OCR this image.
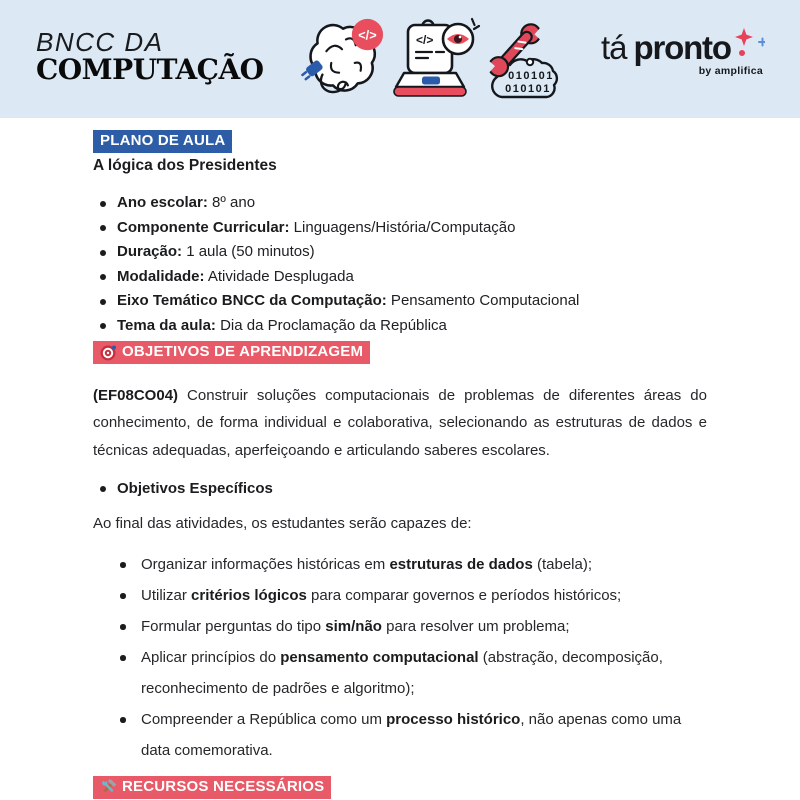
BNCC DA
COMPUTAÇÃO
</>	</>
010101
010101
tá pronto
by amplifica
PLANO DE AULA
A lógica dos Presidentes
Ano escolar: 8º ano
Componente Curricular: Linguagens/História/Computação
Duração: 1 aula (50 minutos)
Modalidade: Atividade Desplugada
Eixo Temático BNCC da Computação: Pensamento Computacional
Tema da aula: Dia da Proclamação da República
OBJETIVOS DE APRENDIZAGEM

(EF08CO04) Construir soluções computacionais de problemas de diferentes áreas do conhecimento, de forma individual e colaborativa, selecionando as estruturas de dados e técnicas adequadas, aperfeiçoando e articulando saberes escolares.

Objetivos Específicos

Ao final das atividades, os estudantes serão capazes de:

Organizar informações históricas em estruturas de dados (tabela);
Utilizar critérios lógicos para comparar governos e períodos históricos;
Formular perguntas do tipo sim/não para resolver um problema;
Aplicar princípios do pensamento computacional (abstração, decomposição, reconhecimento de padrões e algoritmo);
Compreender a República como um processo histórico, não apenas como uma data comemorativa.
RECURSOS NECESSÁRIOS
